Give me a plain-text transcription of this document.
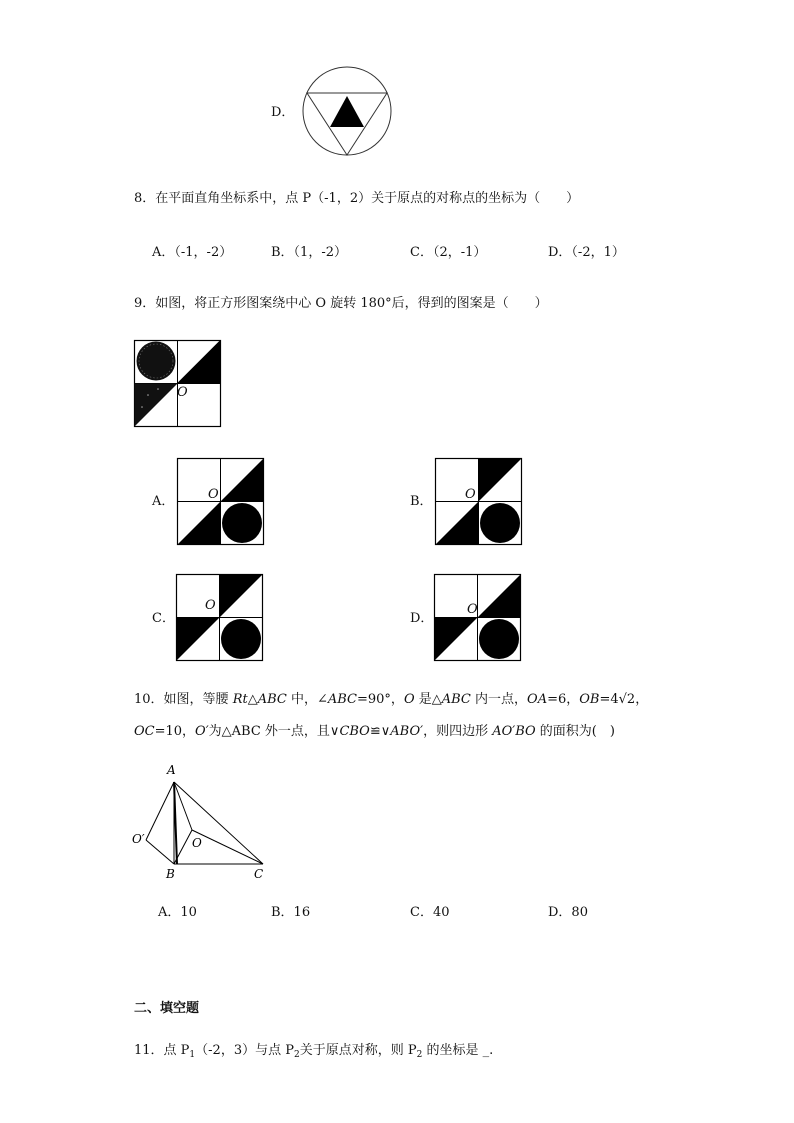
D．
8．在平面直角坐标系中，点 P（-1，2）关于原点的对称点的坐标为（　　）
A．（-1，-2）	B．（1，-2）	C．（2，-1）	D．（-2，1）
9．如图，将正方形图案绕中心 O 旋转 180°后，得到的图案是（　　）
O
A．	O	B． O
C．
O
D．
O
10．如图，等腰 Rt△ABC 中，∠ABC=90°，O 是△ABC 内一点，OA=6，OB=4√2，
OC=10，O′为△ABC 外一点，且∨CBO≌∨ABO′，则四边形 AO′BO 的面积为(　)
A
B	C
O
O′
A．10	B．16	C．40	D．80
二、填空题
11．点 $P_1(-2$，3）与点 $P_2$关于原点对称，则 $P_2$ 的坐标是 _.
